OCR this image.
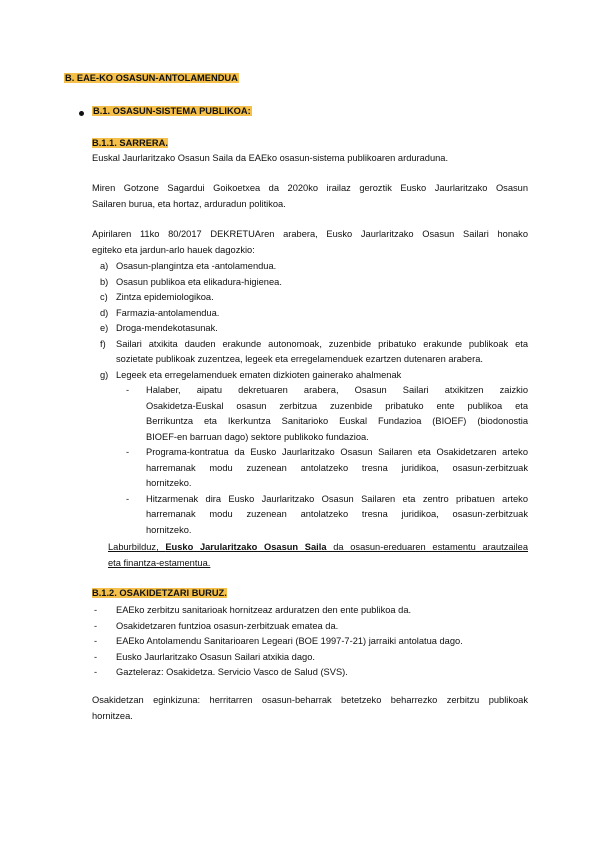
B. EAE-KO OSASUN-ANTOLAMENDUA
B.1. OSASUN-SISTEMA PUBLIKOA:
B.1.1. SARRERA.
Euskal Jaurlaritzako Osasun Saila da EAEko osasun-sistema publikoaren arduraduna.
Miren Gotzone Sagardui Goikoetxea da 2020ko irailaz geroztik Eusko Jaurlaritzako Osasun
Sailaren burua, eta hortaz, arduradun politikoa.
Apirilaren 11ko 80/2017 DEKRETUAren arabera, Eusko Jaurlaritzako Osasun Sailari honako
egiteko eta jardun-arlo hauek dagozkio:
a) Osasun-plangintza eta -antolamendua.
b) Osasun publikoa eta elikadura-higienea.
c) Zintza epidemiologikoa.
d) Farmazia-antolamendua.
e) Droga-mendekotasunak.
f) Sailari atxikita dauden erakunde autonomoak, zuzenbide pribatuko erakunde publikoak eta
sozietate publikoak zuzentzea, legeek eta erregelamenduek ezartzen dutenaren arabera.
g) Legeek eta erregelamenduek ematen dizkioten gainerako ahalmenak
- Halaber, aipatu dekretuaren arabera, Osasun Sailari atxikitzen zaizkio
Osakidetza-Euskal osasun zerbitzua zuzenbide pribatuko ente publikoa eta
Berrikuntza eta Ikerkuntza Sanitarioko Euskal Fundazioa (BIOEF) (biodonostia
BIOEF-en barruan dago) sektore publikoko fundazioa.
- Programa-kontratua da Eusko Jaurlaritzako Osasun Sailaren eta Osakidetzaren arteko
harremanak modu zuzenean antolatzeko tresna juridikoa, osasun-zerbitzuak
hornitzeko.
- Hitzarmenak dira Eusko Jaurlaritzako Osasun Sailaren eta zentro pribatuen arteko
harremanak modu zuzenean antolatzeko tresna juridikoa, osasun-zerbitzuak
hornitzeko.
Laburbilduz, Eusko Jarularitzako Osasun Saila da osasun-ereduaren estamentu arautzailea
eta finantza-estamentua.
B.1.2. OSAKIDETZARI BURUZ.
- EAEko zerbitzu sanitarioak hornitzeaz arduratzen den ente publikoa da.
- Osakidetzaren funtzioa osasun-zerbitzuak ematea da.
- EAEko Antolamendu Sanitarioaren Legeari (BOE 1997-7-21) jarraiki antolatua dago.
- Eusko Jaurlaritzako Osasun Sailari atxikia dago.
- Gazteleraz: Osakidetza. Servicio Vasco de Salud (SVS).
Osakidetzan eginkizuna: herritarren osasun-beharrak betetzeko beharrezko zerbitzu publikoak
hornitzea.
